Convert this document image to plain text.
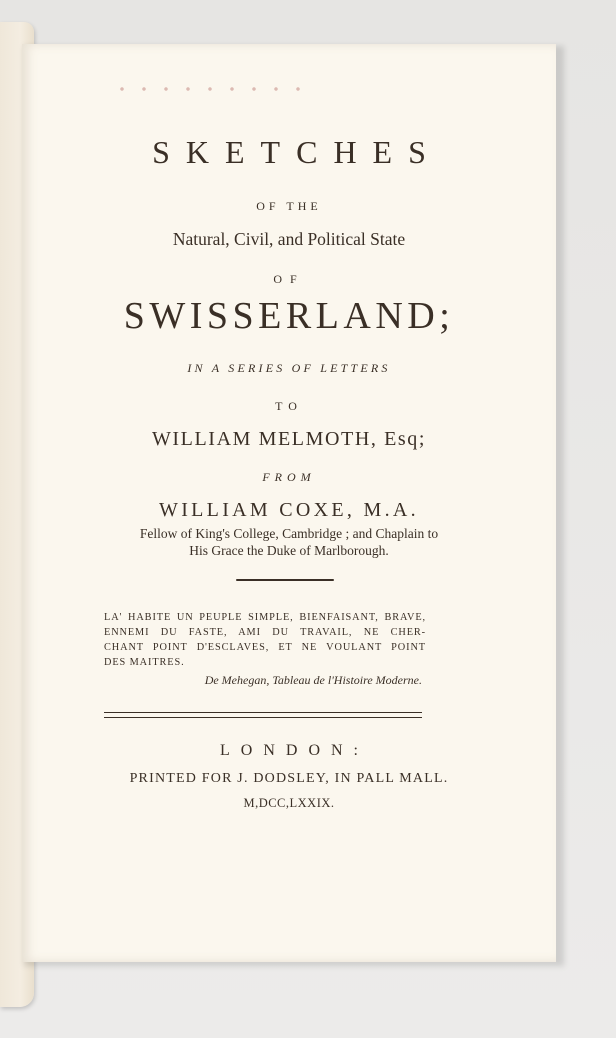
SKETCHES
OF THE
Natural, Civil, and Political State
OF
SWISSERLAND;
IN A SERIES OF LETTERS
TO
WILLIAM MELMOTH, Esq;
FROM
WILLIAM COXE, M.A.
Fellow of King's College, Cambridge ; and Chaplain to
His Grace the Duke of Marlborough.
LA' HABITE UN PEUPLE SIMPLE, BIENFAISANT, BRAVE,
ENNEMI DU FASTE, AMI DU TRAVAIL, NE CHER-
CHANT POINT D'ESCLAVES, ET NE VOULANT POINT
DES MAITRES.
De Mehegan, Tableau de l'Histoire Moderne.
LONDON:
PRINTED FOR J. DODSLEY, IN PALL MALL.
M,DCC,LXXIX.
